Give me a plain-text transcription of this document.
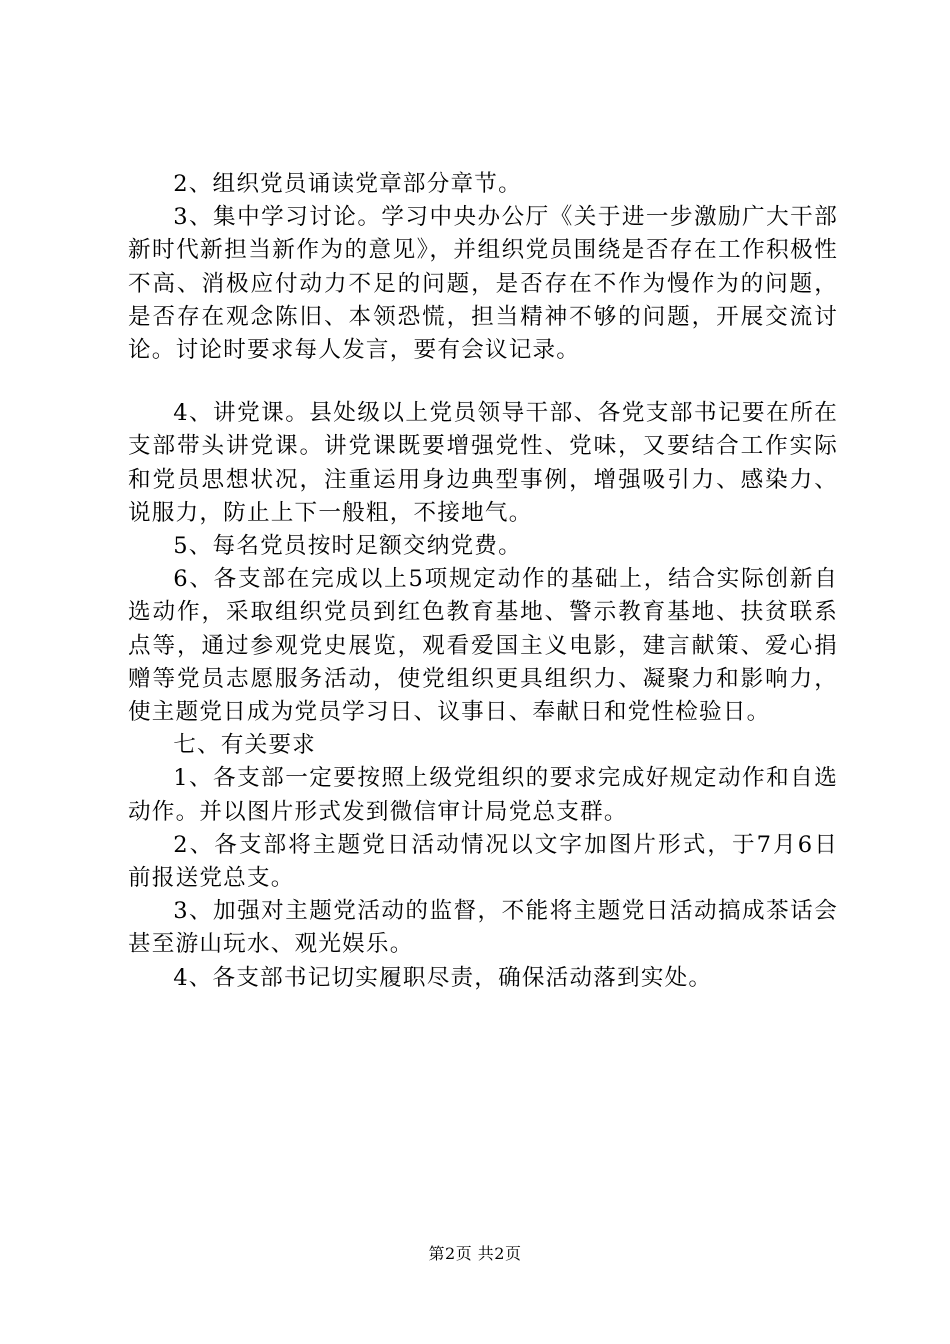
2、组织党员诵读党章部分章节。

3、集中学习讨论。学习中央办公厅《关于进一步激励广大干部新时代新担当新作为的意见》，并组织党员围绕是否存在工作积极性不高、消极应付动力不足的问题，是否存在不作为慢作为的问题，是否存在观念陈旧、本领恐慌，担当精神不够的问题，开展交流讨论。讨论时要求每人发言，要有会议记录。

4、讲党课。县处级以上党员领导干部、各党支部书记要在所在支部带头讲党课。讲党课既要增强党性、党味，又要结合工作实际和党员思想状况，注重运用身边典型事例，增强吸引力、感染力、说服力，防止上下一般粗，不接地气。

5、每名党员按时足额交纳党费。

6、各支部在完成以上5项规定动作的基础上，结合实际创新自选动作，采取组织党员到红色教育基地、警示教育基地、扶贫联系点等，通过参观党史展览，观看爱国主义电影，建言献策、爱心捐赠等党员志愿服务活动，使党组织更具组织力、凝聚力和影响力，使主题党日成为党员学习日、议事日、奉献日和党性检验日。

七、有关要求

1、各支部一定要按照上级党组织的要求完成好规定动作和自选动作。并以图片形式发到微信审计局党总支群。

2、各支部将主题党日活动情况以文字加图片形式，于7月6日前报送党总支。

3、加强对主题党活动的监督，不能将主题党日活动搞成茶话会甚至游山玩水、观光娱乐。

4、各支部书记切实履职尽责，确保活动落到实处。

第2页 共2页
